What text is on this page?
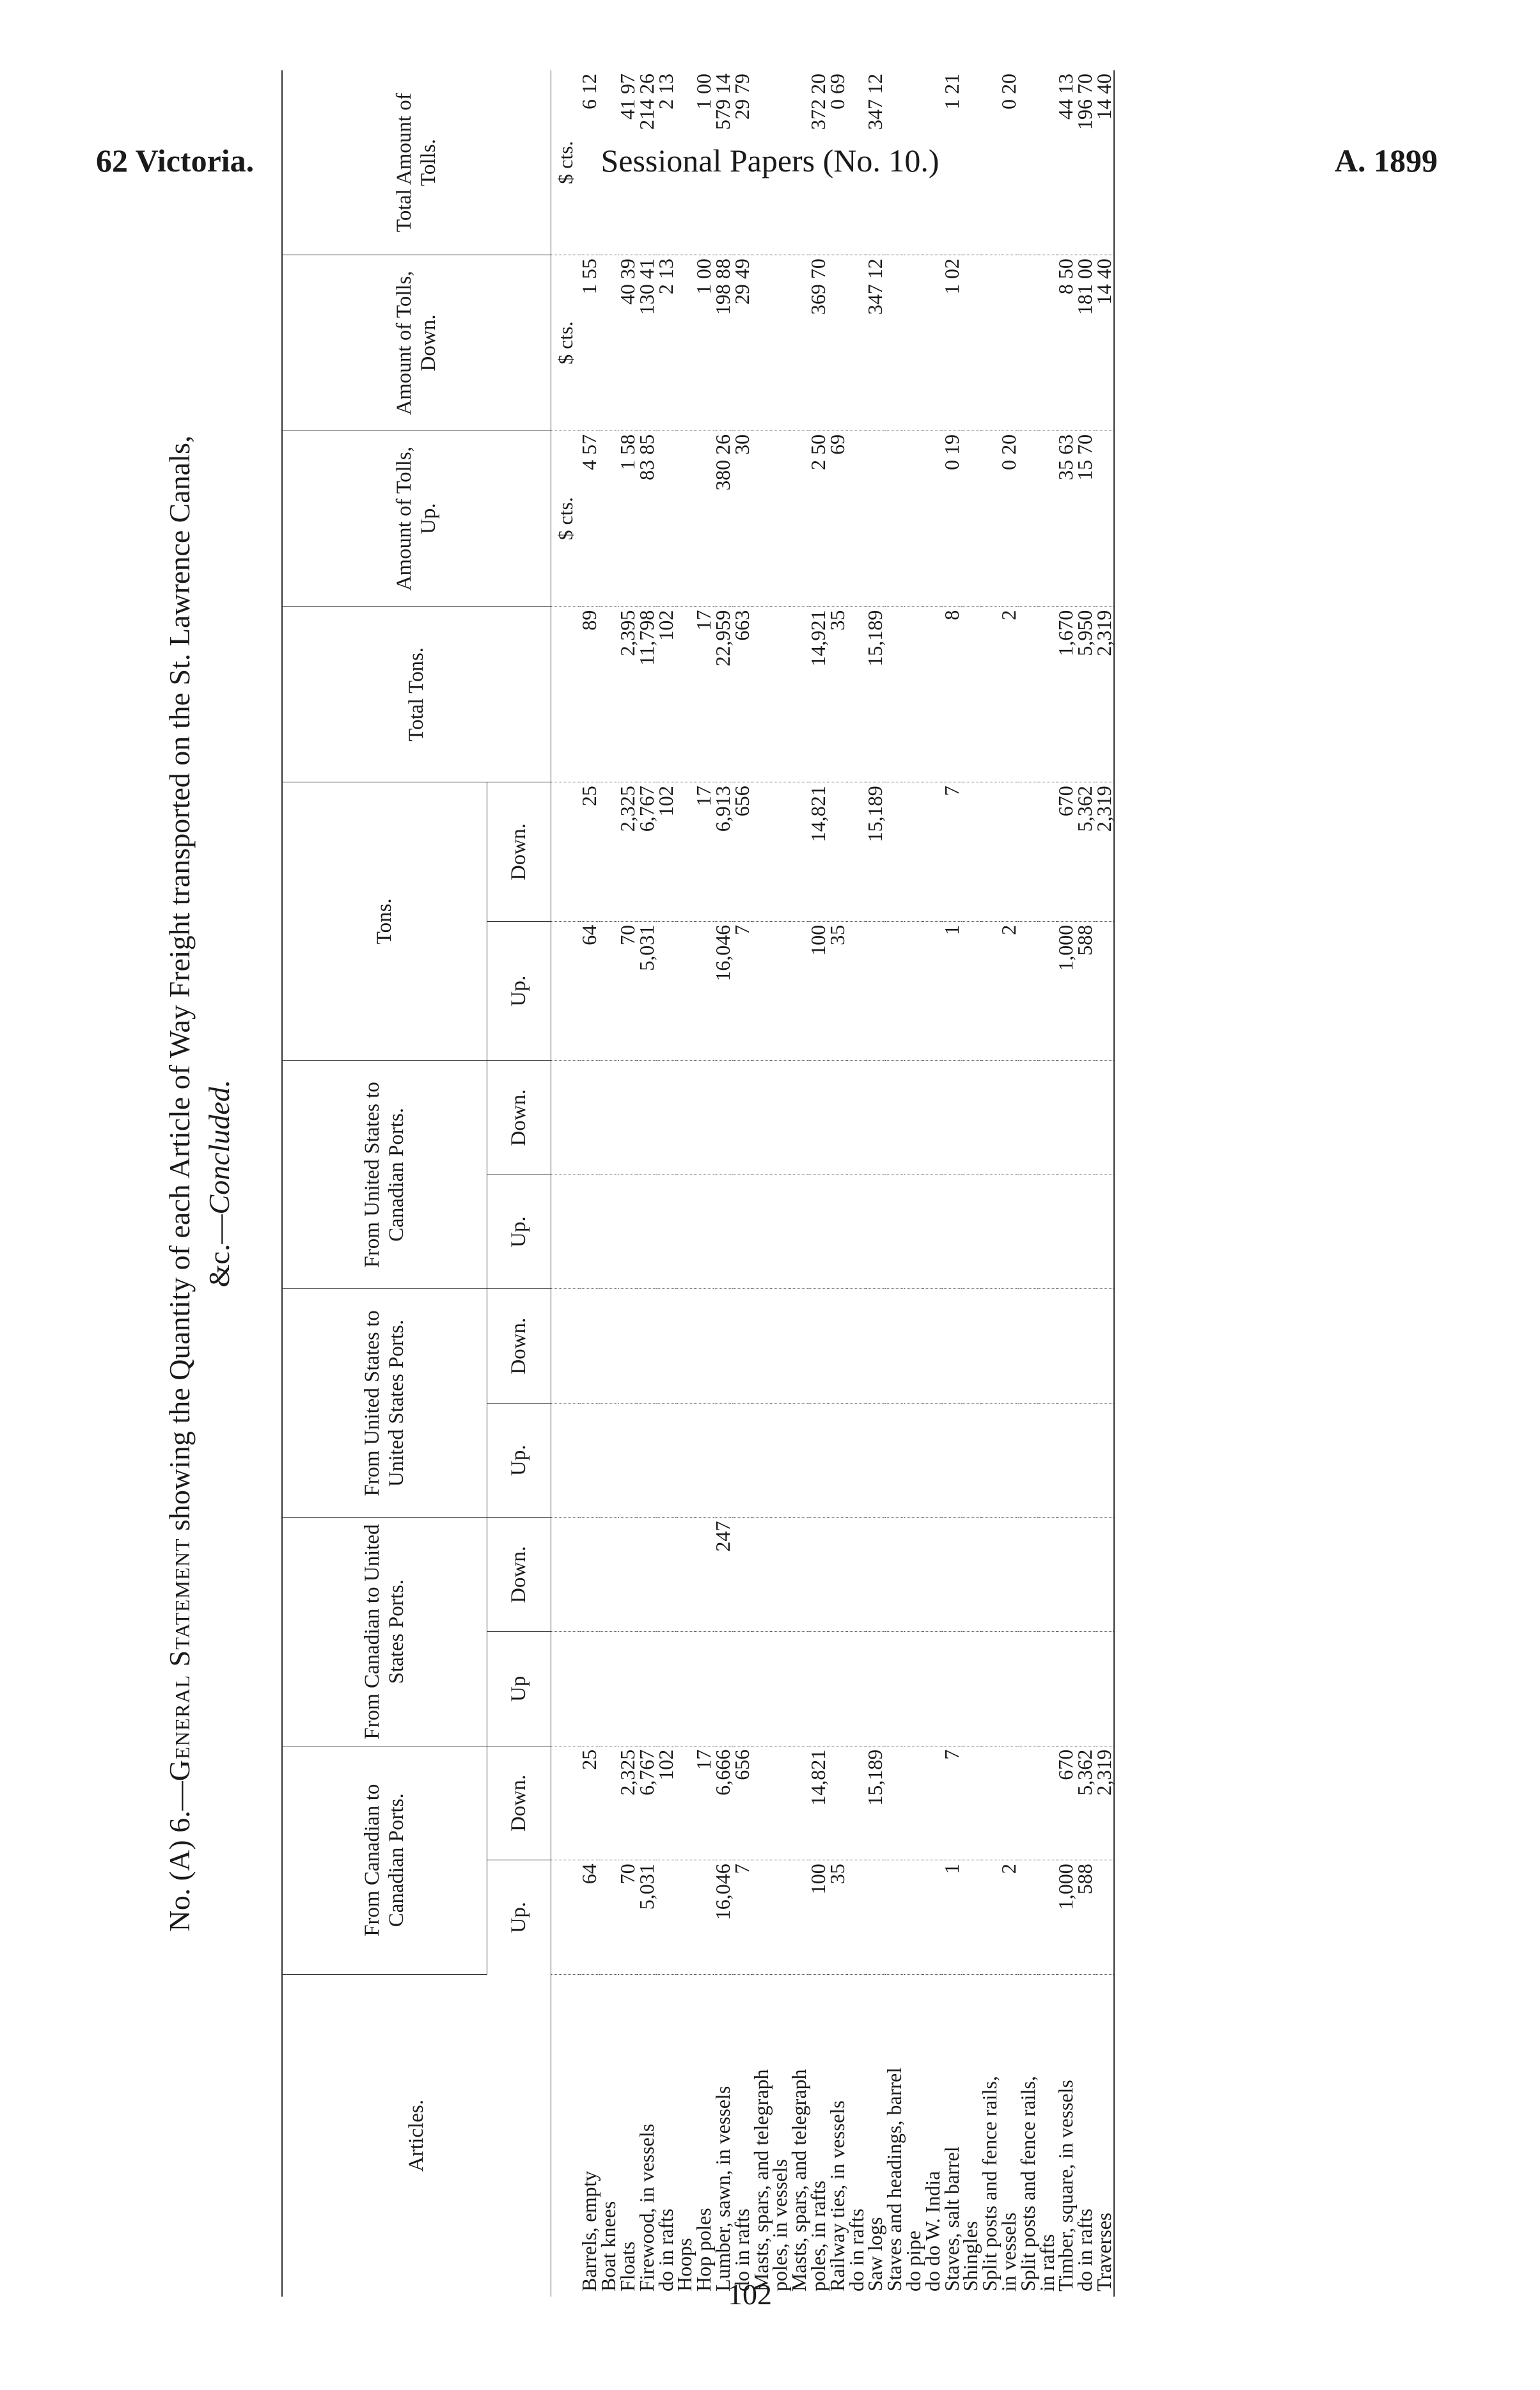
62 Victoria.	Sessional Papers (No. 10.)	A. 1899
No. (A) 6.—General Statement showing the Quantity of each Article of Way Freight transported on the St. Lawrence Canals, &c.—Concluded.
Articles.	From Canadian to Canadian Ports.		From Canadian to United States Ports.		From United States to United States Ports.		From United States to Canadian Ports.		Tons.		Total Tons.	Amount of Tolls, Up.	Amount of Tolls, Down.	Total Amount of Tolls.
	Up.	Down.	Up	Down.	Up.	Down.	Up.	Down.	Up.	Down.				
												$ cts.	$ cts.	$ cts.
Barrels, empty	64	25							64	25	89	4 57	1 55	6 12
Boat knees														
Floats	70	2,325							70	2,325	2,395	1 58	40 39	41 97
Firewood, in vessels	5,031	6,767							5,031	6,767	11,798	83 85	130 41	214 26
do in rafts		102								102	102		2 13	2 13
Hoops														
Hop poles		17								17	17		1 00	1 00
Lumber, sawn, in vessels	16,046	6,666		247					16,046	6,913	22,959	380 26	198 88	579 14
do in rafts	7	656							7	656	663	30	29 49	29 79
Masts, spars, and telegraph														
poles, in vessels														
Masts, spars, and telegraph														
poles, in rafts	100	14,821							100	14,821	14,921	2 50	369 70	372 20
Railway ties, in vessels	35								35		35	69		0 69
do in rafts														
Saw logs		15,189								15,189	15,189		347 12	347 12
Staves and headings, barrel														
do pipe														
do do W. India														
Staves, salt barrel	1	7							1	7	8	0 19	1 02	1 21
Shingles														
Split posts and fence rails,														
in vessels	2								2		2	0 20		0 20
Split posts and fence rails,														
in rafts														
Timber, square, in vessels	1,000	670							1,000	670	1,670	35 63	8 50	44 13
do in rafts	588	5,362							588	5,362	5,950	15 70	181 00	196 70
Traverses		2,319								2,319	2,319		14 40	14 40
102
